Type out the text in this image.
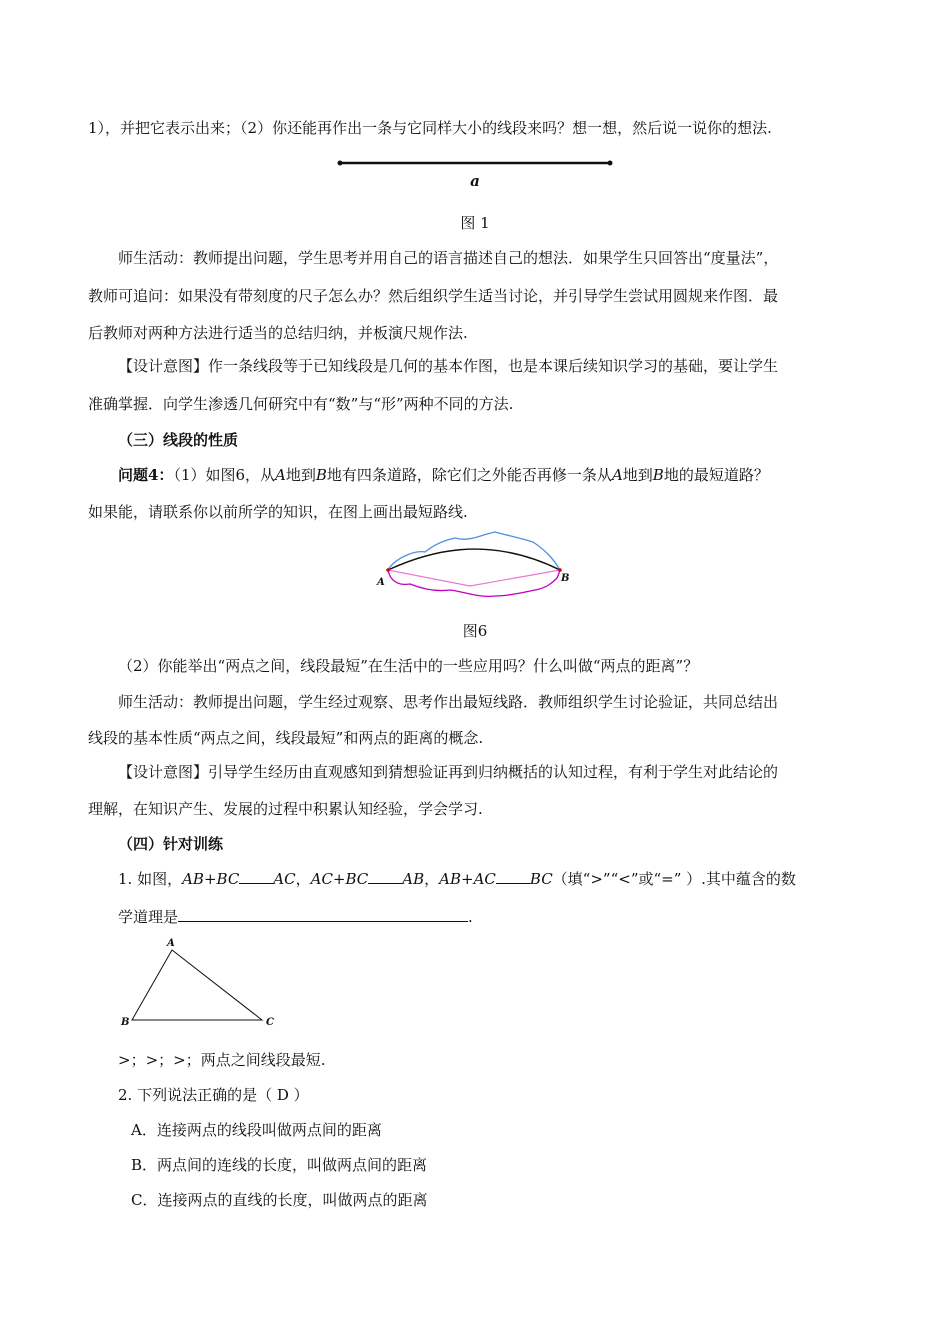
1），并把它表示出来；（2）你还能再作出一条与它同样大小的线段来吗？想一想，然后说一说你的想法.
a
图 1
师生活动：教师提出问题，学生思考并用自己的语言描述自己的想法．如果学生只回答出“度量法”，
教师可追问：如果没有带刻度的尺子怎么办？然后组织学生适当讨论，并引导学生尝试用圆规来作图．最
后教师对两种方法进行适当的总结归纳，并板演尺规作法.
【设计意图】作一条线段等于已知线段是几何的基本作图，也是本课后续知识学习的基础，要让学生
准确掌握．向学生渗透几何研究中有“数”与“形”两种不同的方法.
（三）线段的性质
问题4：（1）如图6，从A地到B地有四条道路，除它们之外能否再修一条从A地到B地的最短道路？
如果能，请联系你以前所学的知识，在图上画出最短路线.
A	B
图6
（2）你能举出“两点之间，线段最短”在生活中的一些应用吗？什么叫做“两点的距离”？
师生活动：教师提出问题，学生经过观察、思考作出最短线路．教师组织学生讨论验证，共同总结出
线段的基本性质“两点之间，线段最短”和两点的距离的概念.
【设计意图】引导学生经历由直观感知到猜想验证再到归纳概括的认知过程，有利于学生对此结论的
理解，在知识产生、发展的过程中积累认知经验，学会学习.
（四）针对训练
1. 如图，AB+BC AC，AC+BC AB，AB+AC BC（填“>”“<”或“=” ）.其中蕴含的数
学道理是	.
A
B	C
>；>；>；两点之间线段最短.
2. 下列说法正确的是（ D ）
A．连接两点的线段叫做两点间的距离
B．两点间的连线的长度，叫做两点间的距离
C．连接两点的直线的长度，叫做两点的距离
